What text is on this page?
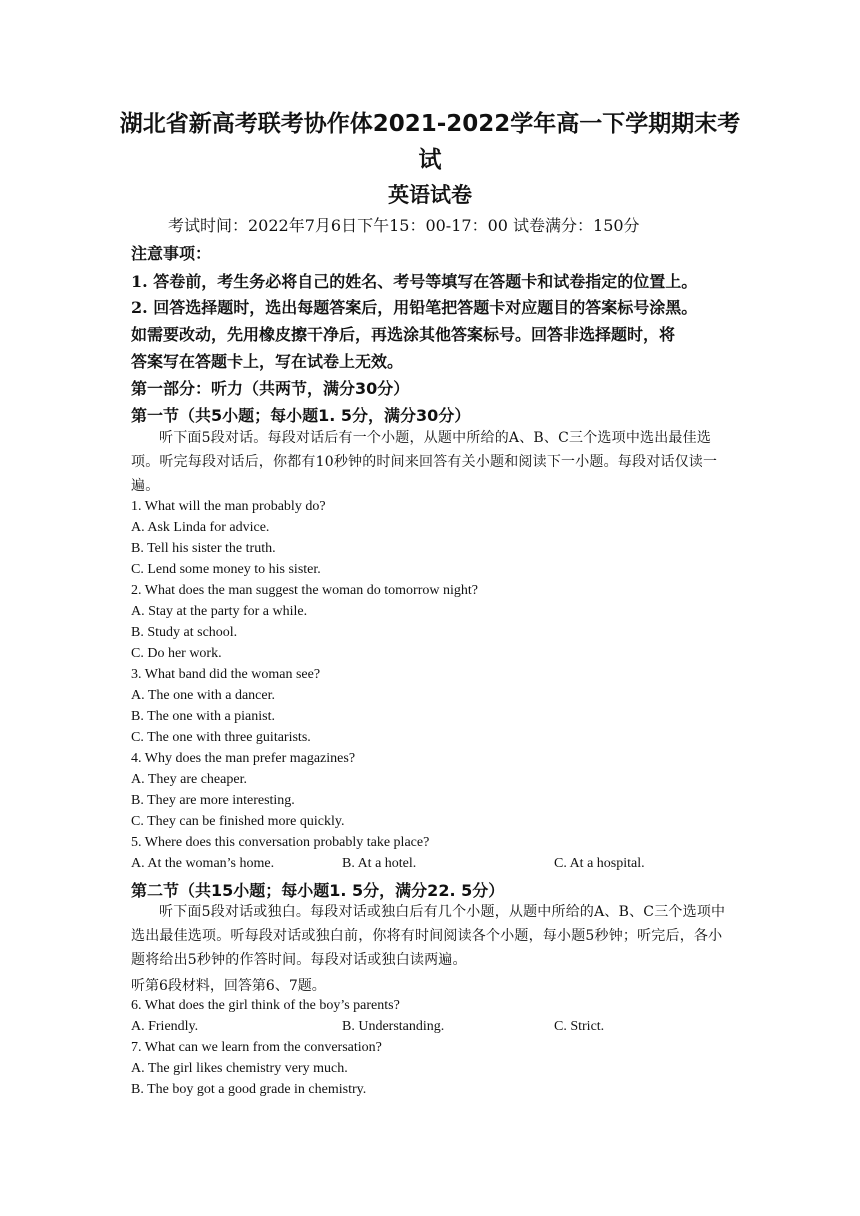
湖北省新高考联考协作体2021-2022学年高一下学期期末考
试
英语试卷
考试时间：2022年7月6日下午15：00-17：00 试卷满分：150分
注意事项：
1. 答卷前，考生务必将自己的姓名、考号等填写在答题卡和试卷指定的位置上。
2. 回答选择题时，选出每题答案后，用铅笔把答题卡对应题目的答案标号涂黑。
如需要改动，先用橡皮擦干净后，再选涂其他答案标号。回答非选择题时，将
答案写在答题卡上，写在试卷上无效。
第一部分：听力（共两节，满分30分）
第一节（共5小题；每小题1. 5分，满分30分）
听下面5段对话。每段对话后有一个小题，从题中所给的A、B、C三个选项中选出最佳选项。听完每段对话后，你都有10秒钟的时间来回答有关小题和阅读下一小题。每段对话仅读一遍。
1. What will the man probably do?
A. Ask Linda for advice.
B. Tell his sister the truth.
C. Lend some money to his sister.
2. What does the man suggest the woman do tomorrow night?
A. Stay at the party for a while.
B. Study at school.
C. Do her work.
3. What band did the woman see?
A. The one with a dancer.
B. The one with a pianist.
C. The one with three guitarists.
4. Why does the man prefer magazines?
A. They are cheaper.
B. They are more interesting.
C. They can be finished more quickly.
5. Where does this conversation probably take place?
A. At the woman’s home.	B. At a hotel.	C. At a hospital.
第二节（共15小题；每小题1. 5分，满分22. 5分）
听下面5段对话或独白。每段对话或独白后有几个小题，从题中所给的A、B、C三个选项中选出最佳选项。听每段对话或独白前，你将有时间阅读各个小题，每小题5秒钟；听完后，各小题将给出5秒钟的作答时间。每段对话或独白读两遍。
听第6段材料，回答第6、7题。
6. What does the girl think of the boy’s parents?
A. Friendly.	B. Understanding.	C. Strict.
7. What can we learn from the conversation?
A. The girl likes chemistry very much.
B. The boy got a good grade in chemistry.
